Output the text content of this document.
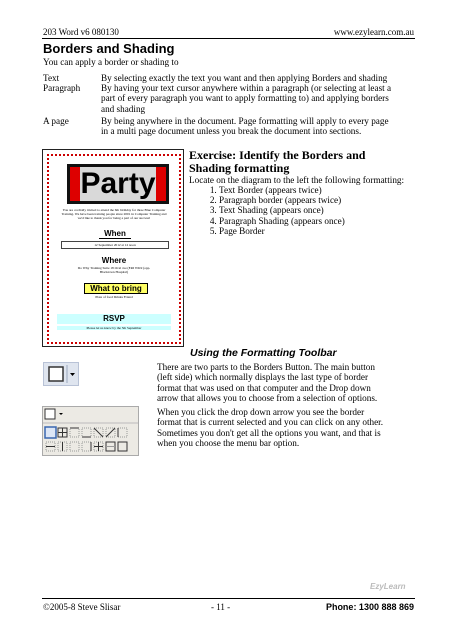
203 Word v6 080130	www.ezylearn.com.au
Borders and Shading
You can apply a border or shading to
Text	By selecting exactly the text you want and then applying Borders and shading
Paragraph By having your text cursor anywhere within a paragraph (or selecting at least a part of every paragraph you want to apply formatting to) and applying borders and shading
A page	By being anywhere in the document. Page formatting will apply to every page in a multi page document unless you break the document into sections.
Party
You are cordially invited to attend the 6th birthday for three Blue Computer Training. We have been training people since 2001 in Computer Training and we'd like to thank you for being a part of our success!
When
12 September 2012 at 12 noon
Where
Do Why Training Suite 18 Oval ave (ERI WK9 (opp. Blacktown Hospital)
What to bring
Plate of food Drinks Friend
RSVP
Please let us know by the 5th September
Exercise: Identify the Borders and Shading formatting
Locate on the diagram to the left the following formatting:
1. Text Border (appears twice)
2. Paragraph border (appears twice)
3. Text Shading (appears once)
4. Paragraph Shading (appears once)
5. Page Border
Using the Formatting Toolbar
There are two parts to the Borders Button. The main button (left side) which normally displays the last type of border format that was used on that computer and the Drop down arrow that allows you to choose from a selection of options.
When you click the drop down arrow you see the border format that is current selected and you can click on any other. Sometimes you don't get all the options you want, and that is when you choose the menu bar option.
EzyLearn
©2005-8 Steve Slisar	- 11 -	Phone: 1300 888 869
